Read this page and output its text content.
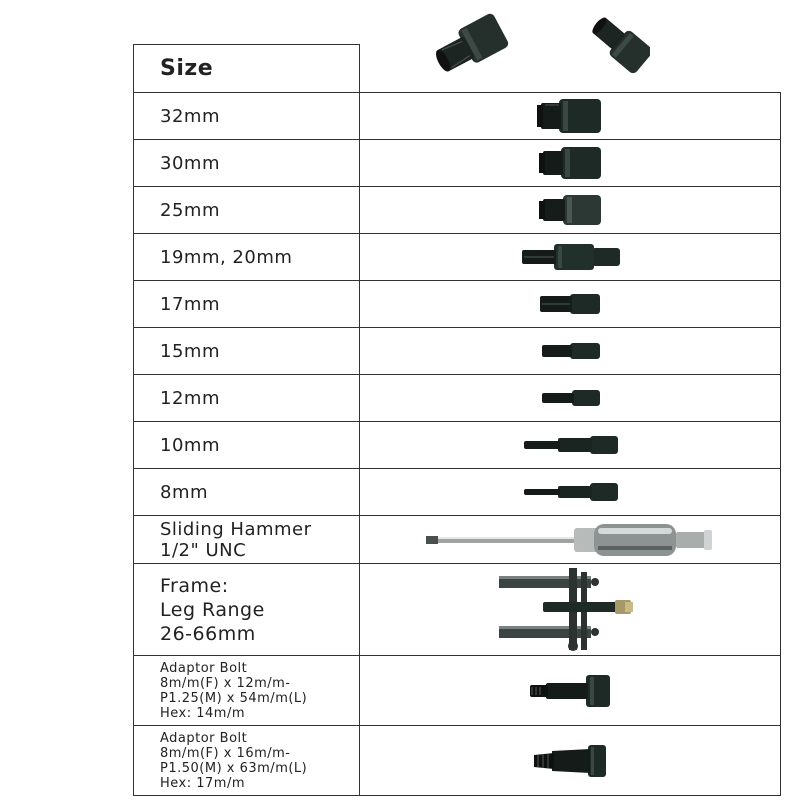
Size	
32mm	

30mm	

25mm	

19mm, 20mm	

17mm	

15mm	

12mm	

10mm	

8mm	

Sliding Hammer
1/2" UNC

Frame:
Leg Range
26-66mm

Adaptor Bolt
8m/m(F) x 12m/m-
P1.25(M) x 54m/m(L)
Hex: 14m/m

Adaptor Bolt
8m/m(F) x 16m/m-
P1.50(M) x 63m/m(L)
Hex: 17m/m
